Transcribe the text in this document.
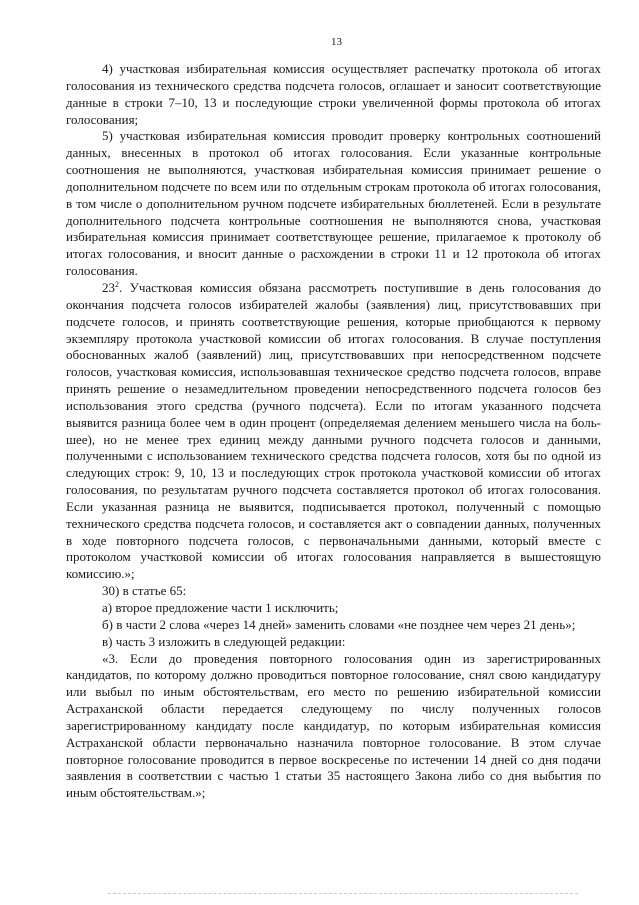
13

4) участковая избирательная комиссия осуществляет распечатку протокола об итогах голосования из технического средства подсчета голосов, оглашает и заносит соответствующие данные в строки 7–10, 13 и последующие строки увеличенной формы протокола об итогах голосования;

5) участковая избирательная комиссия проводит проверку контрольных соотношений данных, внесенных в протокол об итогах голосования. Если указанные контрольные соотношения не выполняются, участковая избирательная комиссия принимает решение о дополнительном подсчете по всем или по отдельным строкам протокола об итогах голосования, в том числе о дополнительном ручном подсчете избирательных бюллетеней. Если в результате дополнительного подсчета контрольные соотношения не выполняются снова, участковая избирательная комиссия принимает соответствующее решение, прилагаемое к протоколу об итогах голосования, и вносит данные о расхождении в строки 11 и 12 протокола об итогах голосования.

$23^2$. Участковая комиссия обязана рассмотреть поступившие в день голосования до окончания подсчета голосов избирателей жалобы (заявления) лиц, присутствовавших при подсчете голосов, и принять соответствующие решения, которые приобщаются к первому экземпляру протокола участковой комиссии об итогах голосования. В случае поступления обоснованных жалоб (заявлений) лиц, присутствовавших при непосредственном подсчете голосов, участковая комиссия, использовавшая техническое средство подсчета голосов, вправе принять решение о незамедлительном проведении непосредственного подсчета голосов без использования этого средства (ручного подсчета). Если по итогам указанного подсчета выявится разница более чем в один процент (определяемая делением меньшего числа на большее), но не менее трех единиц между данными ручного подсчета голосов и данными, полученными с использованием технического средства подсчета голосов, хотя бы по одной из следующих строк: 9, 10, 13 и последующих строк протокола участковой комиссии об итогах голосования, по результатам ручного подсчета составляется протокол об итогах голосования. Если указанная разница не выявится, подписывается протокол, полученный с помощью технического средства подсчета голосов, и составляется акт о совпадении данных, полученных в ходе повторного подсчета голосов, с первоначальными данными, который вместе с протоколом участковой комиссии об итогах голосования направляется в вышестоящую комиссию.»;

30) в статье 65:

а) второе предложение части 1 исключить;

б) в части 2 слова «через 14 дней» заменить словами «не позднее чем через 21 день»;

в) часть 3 изложить в следующей редакции:

«3. Если до проведения повторного голосования один из зарегистрированных кандидатов, по которому должно проводиться повторное голосование, снял свою кандидатуру или выбыл по иным обстоятельствам, его место по решению избирательной комиссии Астраханской области передается следующему по числу полученных голосов зарегистрированному кандидату после кандидатур, по которым избирательная комиссия Астраханской области первоначально назначила повторное голосование. В этом случае повторное голосование проводится в первое воскресенье по истечении 14 дней со дня подачи заявления в соответствии с частью 1 статьи 35 настоящего Закона либо со дня выбытия по иным обстоятельствам.»;
